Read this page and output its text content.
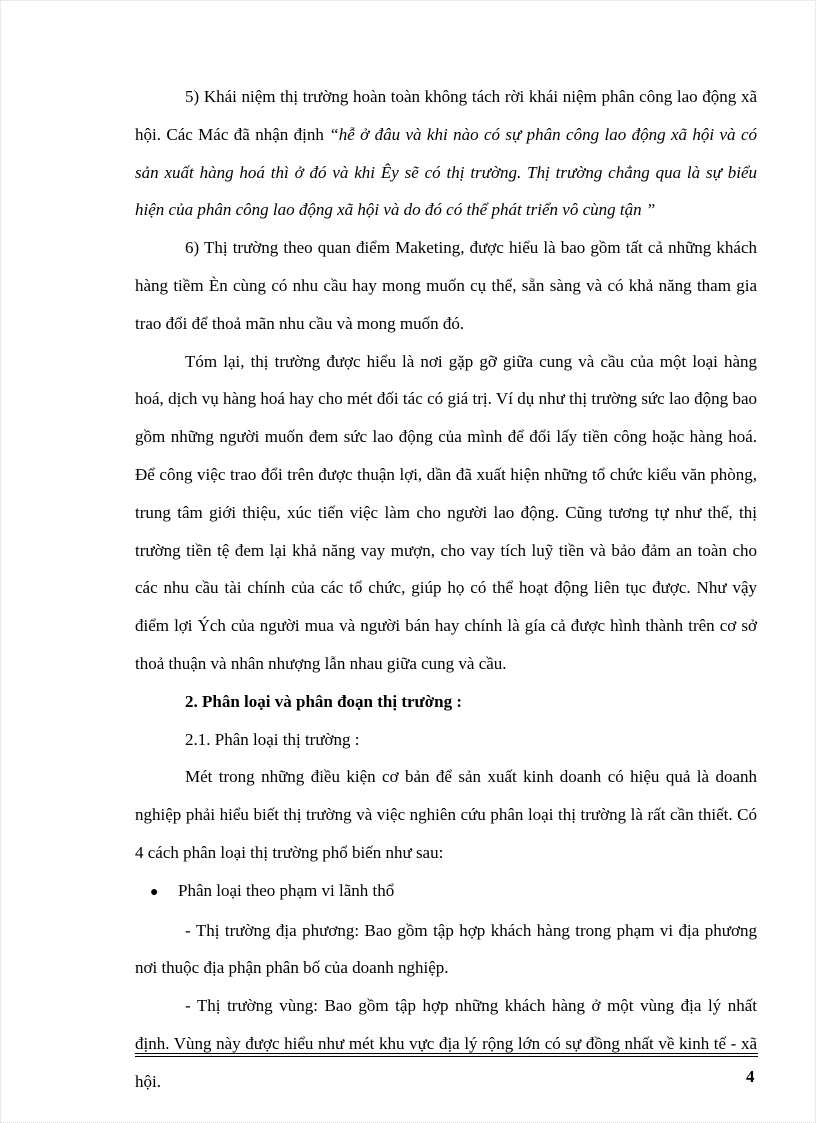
5) Khái niệm thị trường hoàn toàn không tách rời khái niệm phân công lao động xã hội. Các Mác đã nhận định “hễ ở đâu và khi nào có sự phân công lao động xã hội và có sản xuất hàng hoá thì ở đó và khi Êy sẽ có thị trường. Thị trường chẳng qua là sự biểu hiện của phân công lao động xã hội và do đó có thể phát triển vô cùng tận ”

6) Thị trường theo quan điểm Maketing, được hiểu là bao gồm tất cả những khách hàng tiềm Èn cùng có nhu cầu hay mong muốn cụ thể, sẵn sàng và có khả năng tham gia trao đổi để thoả mãn nhu cầu và mong muốn đó.

Tóm lại, thị trường được hiểu là nơi gặp gỡ giữa cung và cầu của một loại hàng hoá, dịch vụ hàng hoá hay cho mét đối tác có giá trị. Ví dụ như thị trường sức lao động bao gồm những người muốn đem sức lao động của mình để đổi lấy tiền công hoặc hàng hoá. Để công việc trao đổi trên được thuận lợi, dần đã xuất hiện những tổ chức kiểu văn phòng, trung tâm giới thiệu, xúc tiến việc làm cho người lao động. Cũng tương tự như thế, thị trường tiền tệ đem lại khả năng vay mượn, cho vay tích luỹ tiền và bảo đảm an toàn cho các nhu cầu tài chính của các tổ chức, giúp họ có thể hoạt động liên tục được. Như vậy điểm lợi Ých của người mua và người bán hay chính là gía cả được hình thành trên cơ sở thoả thuận và nhân nhượng lẫn nhau giữa cung và cầu.

2. Phân loại và phân đoạn thị trường :

2.1. Phân loại thị trường :

Mét trong những điều kiện cơ bản để sản xuất kinh doanh có hiệu quả là doanh nghiệp phải hiểu biết thị trường và việc nghiên cứu phân loại thị trường là rất cần thiết. Có 4 cách phân loại thị trường phổ biến như sau:

●	Phân loại theo phạm vi lãnh thổ

- Thị trường địa phương: Bao gồm tập hợp khách hàng trong phạm vi địa phương nơi thuộc địa phận phân bố của doanh nghiệp.

- Thị trường vùng: Bao gồm tập hợp những khách hàng ở một vùng địa lý nhất định. Vùng này được hiểu như mét khu vực địa lý rộng lớn có sự đồng nhất về kinh tế - xã hội.	4
